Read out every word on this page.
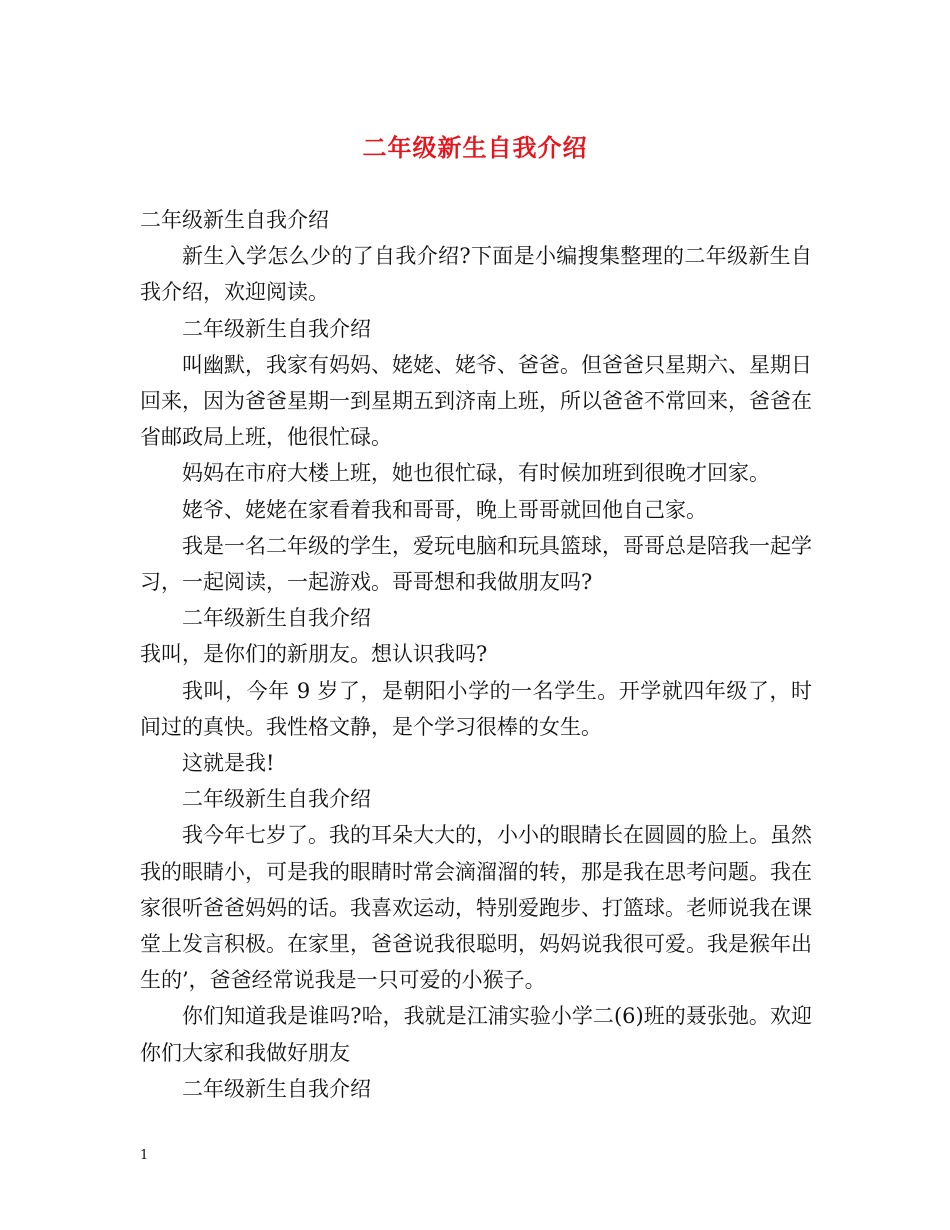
二年级新生自我介绍

二年级新生自我介绍

新生入学怎么少的了自我介绍?下面是小编搜集整理的二年级新生自我介绍，欢迎阅读。

二年级新生自我介绍

叫幽默，我家有妈妈、姥姥、姥爷、爸爸。但爸爸只星期六、星期日回来，因为爸爸星期一到星期五到济南上班，所以爸爸不常回来，爸爸在省邮政局上班，他很忙碌。

妈妈在市府大楼上班，她也很忙碌，有时候加班到很晚才回家。

姥爷、姥姥在家看着我和哥哥，晚上哥哥就回他自己家。

我是一名二年级的学生，爱玩电脑和玩具篮球，哥哥总是陪我一起学习，一起阅读，一起游戏。哥哥想和我做朋友吗?

二年级新生自我介绍

我叫，是你们的新朋友。想认识我吗?

我叫，今年 9 岁了，是朝阳小学的一名学生。开学就四年级了，时间过的真快。我性格文静，是个学习很棒的女生。

这就是我!

二年级新生自我介绍

我今年七岁了。我的耳朵大大的，小小的眼睛长在圆圆的脸上。虽然我的眼睛小，可是我的眼睛时常会滴溜溜的转，那是我在思考问题。我在家很听爸爸妈妈的话。我喜欢运动，特别爱跑步、打篮球。老师说我在课堂上发言积极。在家里，爸爸说我很聪明，妈妈说我很可爱。我是猴年出生的’，爸爸经常说我是一只可爱的小猴子。

你们知道我是谁吗?哈，我就是江浦实验小学二(6)班的聂张弛。欢迎你们大家和我做好朋友

二年级新生自我介绍

1
